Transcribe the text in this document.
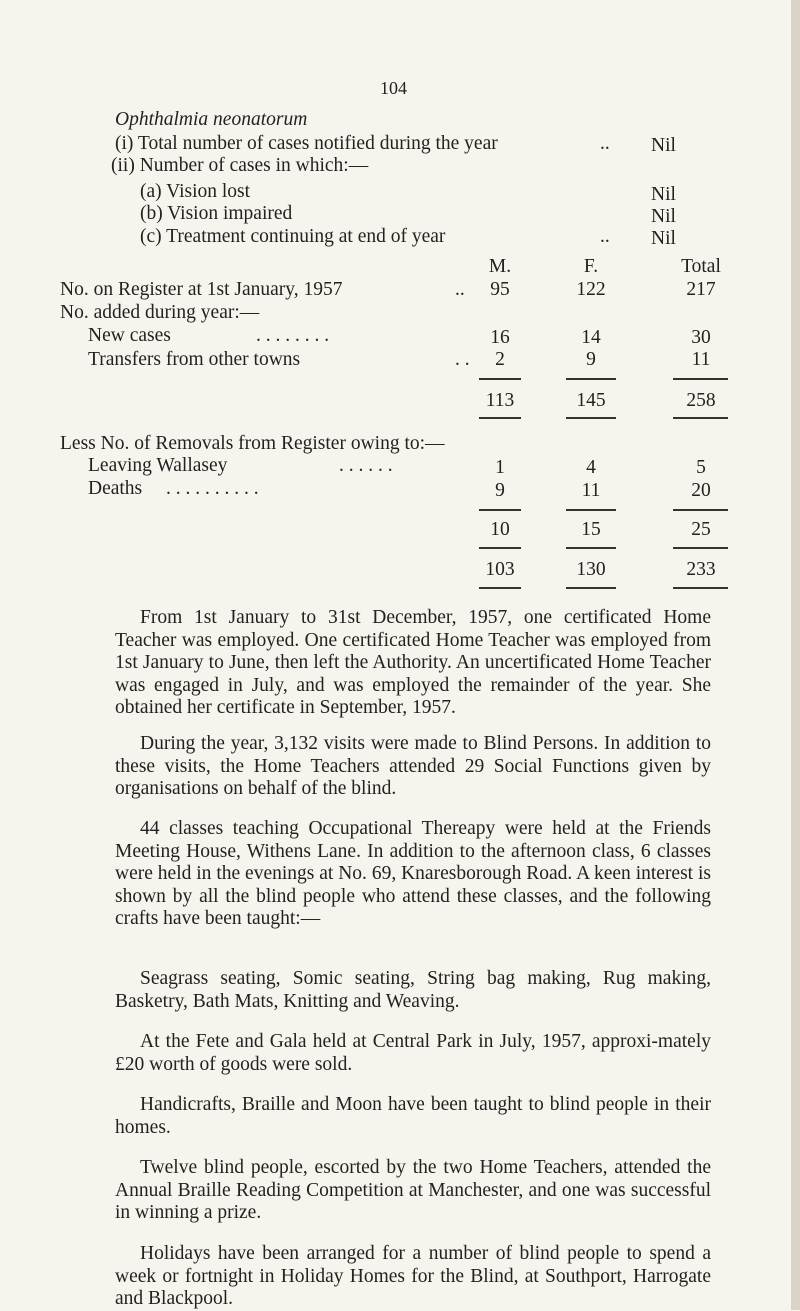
104
Ophthalmia neonatorum
(i) Total number of cases notified during the year	.. Nil
(ii) Number of cases in which:—
(a) Vision lost	Nil
(b) Vision impaired	Nil
(c) Treatment continuing at end of year	.. Nil
M.	F.	Total
No. on Register at 1st January, 1957	..	95	122	217
No. added during year:—
New cases	. . . . . . . .	16	14	30
Transfers from other towns	. .	2	9	11
113	145	258
Less No. of Removals from Register owing to:—
Leaving Wallasey	. . . . . .	1	4	5
Deaths . . . . . . . . . .	9	11	20
10	15	25
103	130	233
From 1st January to 31st December, 1957, one certificated Home Teacher was employed. One certificated Home Teacher was employed from 1st January to June, then left the Authority. An uncertificated Home Teacher was engaged in July, and was employed the remainder of the year. She obtained her certificate in September, 1957.
During the year, 3,132 visits were made to Blind Persons. In addition to these visits, the Home Teachers attended 29 Social Functions given by organisations on behalf of the blind.
44 classes teaching Occupational Thereapy were held at the Friends Meeting House, Withens Lane. In addition to the afternoon class, 6 classes were held in the evenings at No. 69, Knaresborough Road. A keen interest is shown by all the blind people who attend these classes, and the following crafts have been taught:—
Seagrass seating, Somic seating, String bag making, Rug making, Basketry, Bath Mats, Knitting and Weaving.
At the Fete and Gala held at Central Park in July, 1957, approxi-mately £20 worth of goods were sold.
Handicrafts, Braille and Moon have been taught to blind people in their homes.
Twelve blind people, escorted by the two Home Teachers, attended the Annual Braille Reading Competition at Manchester, and one was successful in winning a prize.
Holidays have been arranged for a number of blind people to spend a week or fortnight in Holiday Homes for the Blind, at Southport, Harrogate and Blackpool.
